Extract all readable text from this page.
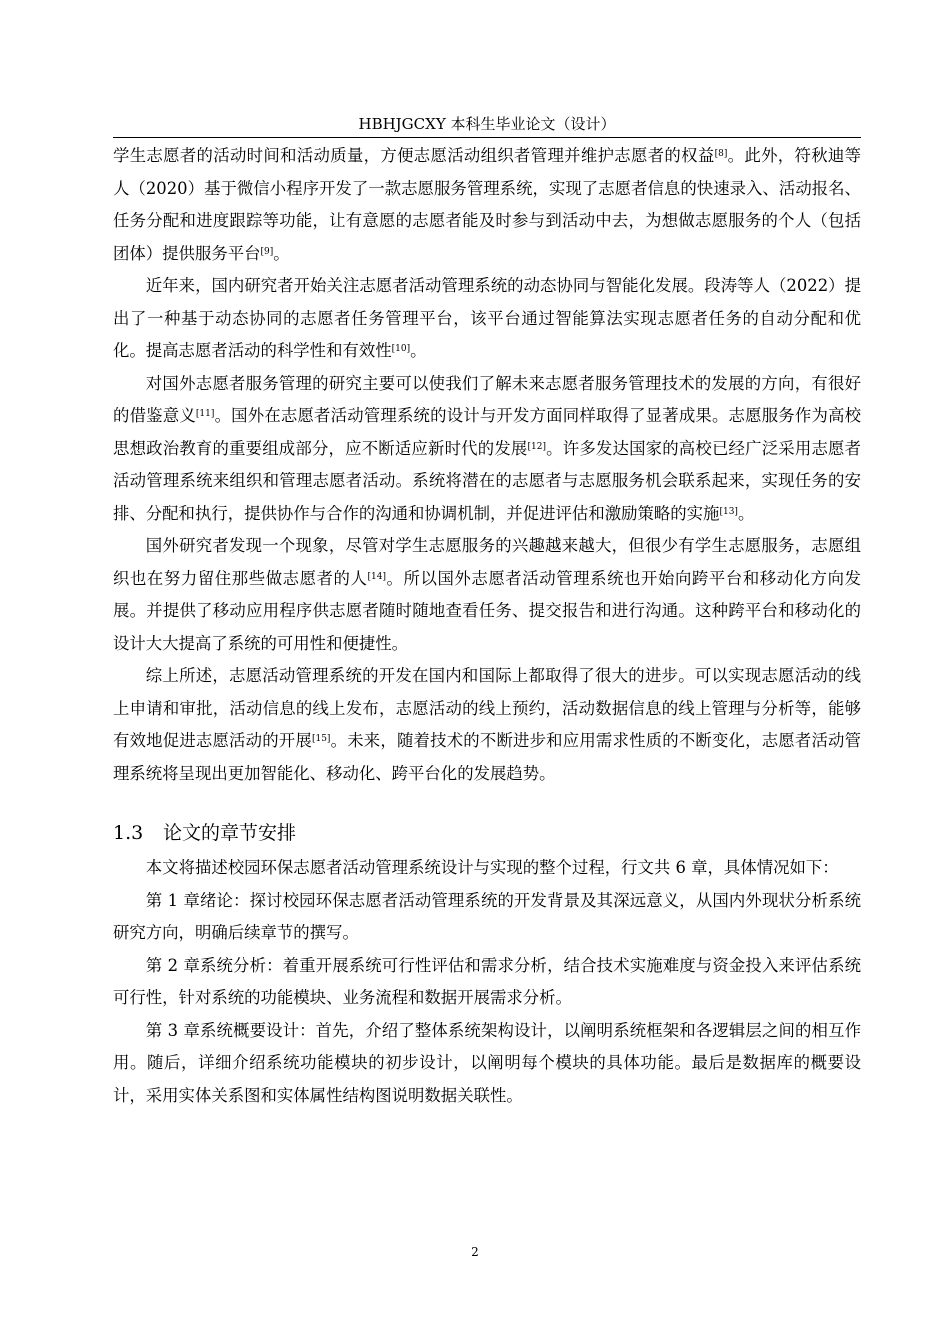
HBHJGCXY 本科生毕业论文（设计）

学生志愿者的活动时间和活动质量，方便志愿活动组织者管理并维护志愿者的权益[8]。此外，符秋迪等人（2020）基于微信小程序开发了一款志愿服务管理系统，实现了志愿者信息的快速录入、活动报名、任务分配和进度跟踪等功能，让有意愿的志愿者能及时参与到活动中去，为想做志愿服务的个人（包括团体）提供服务平台[9]。

近年来，国内研究者开始关注志愿者活动管理系统的动态协同与智能化发展。段涛等人（2022）提出了一种基于动态协同的志愿者任务管理平台，该平台通过智能算法实现志愿者任务的自动分配和优化。提高志愿者活动的科学性和有效性[10]。

对国外志愿者服务管理的研究主要可以使我们了解未来志愿者服务管理技术的发展的方向，有很好的借鉴意义[11]。国外在志愿者活动管理系统的设计与开发方面同样取得了显著成果。志愿服务作为高校思想政治教育的重要组成部分，应不断适应新时代的发展[12]。许多发达国家的高校已经广泛采用志愿者活动管理系统来组织和管理志愿者活动。系统将潜在的志愿者与志愿服务机会联系起来，实现任务的安排、分配和执行，提供协作与合作的沟通和协调机制，并促进评估和激励策略的实施[13]。

国外研究者发现一个现象，尽管对学生志愿服务的兴趣越来越大，但很少有学生志愿服务，志愿组织也在努力留住那些做志愿者的人[14]。所以国外志愿者活动管理系统也开始向跨平台和移动化方向发展。并提供了移动应用程序供志愿者随时随地查看任务、提交报告和进行沟通。这种跨平台和移动化的设计大大提高了系统的可用性和便捷性。

综上所述，志愿活动管理系统的开发在国内和国际上都取得了很大的进步。可以实现志愿活动的线上申请和审批，活动信息的线上发布，志愿活动的线上预约，活动数据信息的线上管理与分析等，能够有效地促进志愿活动的开展[15]。未来，随着技术的不断进步和应用需求性质的不断变化，志愿者活动管理系统将呈现出更加智能化、移动化、跨平台化的发展趋势。

1.3 论文的章节安排

本文将描述校园环保志愿者活动管理系统设计与实现的整个过程，行文共 6 章，具体情况如下：

第 1 章绪论：探讨校园环保志愿者活动管理系统的开发背景及其深远意义，从国内外现状分析系统研究方向，明确后续章节的撰写。

第 2 章系统分析：着重开展系统可行性评估和需求分析，结合技术实施难度与资金投入来评估系统可行性，针对系统的功能模块、业务流程和数据开展需求分析。

第 3 章系统概要设计：首先，介绍了整体系统架构设计，以阐明系统框架和各逻辑层之间的相互作用。随后，详细介绍系统功能模块的初步设计，以阐明每个模块的具体功能。最后是数据库的概要设计，采用实体关系图和实体属性结构图说明数据关联性。

2
